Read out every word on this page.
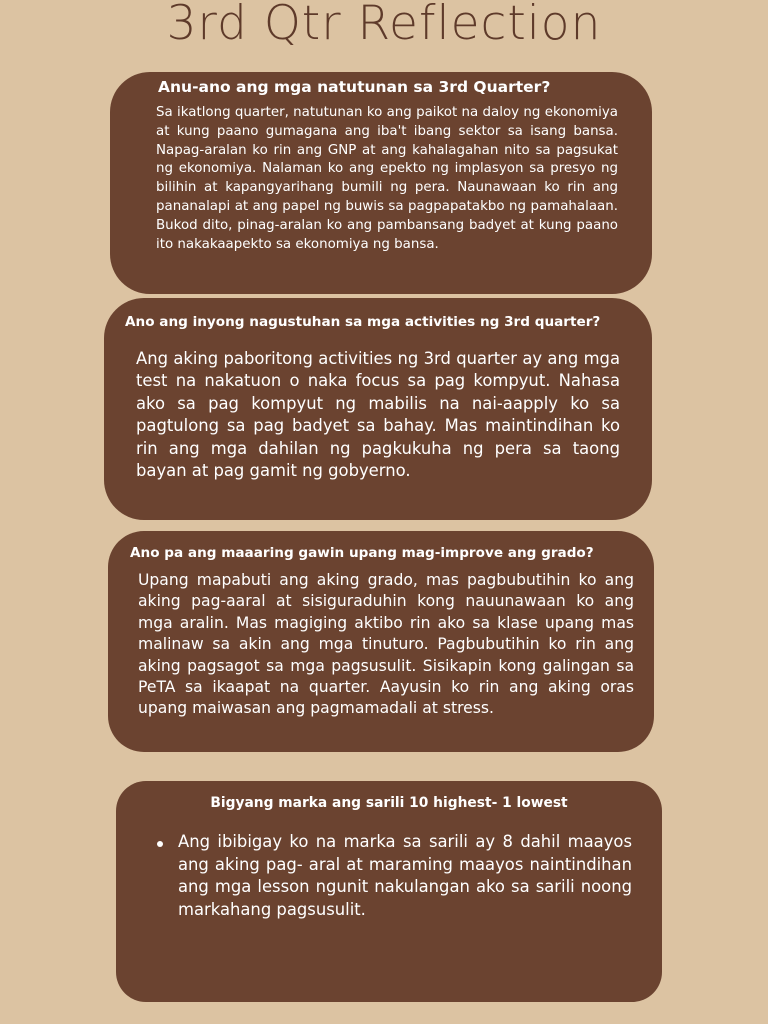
3rd Qtr Reflection
Anu-ano ang mga natutunan sa 3rd Quarter?

Sa ikatlong quarter, natutunan ko ang paikot na daloy ng ekonomiya at kung paano gumagana ang iba't ibang sektor sa isang bansa. Napag-aralan ko rin ang GNP at ang kahalagahan nito sa pagsukat ng ekonomiya. Nalaman ko ang epekto ng implasyon sa presyo ng bilihin at kapangyarihang bumili ng pera. Naunawaan ko rin ang pananalapi at ang papel ng buwis sa pagpapatakbo ng pamahalaan. Bukod dito, pinag-aralan ko ang pambansang badyet at kung paano ito nakakaapekto sa ekonomiya ng bansa.

Ano ang inyong nagustuhan sa mga activities ng 3rd quarter?

Ang aking paboritong activities ng 3rd quarter ay ang mga test na nakatuon o naka focus sa pag kompyut. Nahasa ako sa pag kompyut ng mabilis na nai-aapply ko sa pagtulong sa pag badyet sa bahay. Mas maintindihan ko rin ang mga dahilan ng pagkukuha ng pera sa taong bayan at pag gamit ng gobyerno.

Ano pa ang maaaring gawin upang mag-improve ang grado?

Upang mapabuti ang aking grado, mas pagbubutihin ko ang aking pag-aaral at sisiguraduhin kong nauunawaan ko ang mga aralin. Mas magiging aktibo rin ako sa klase upang mas malinaw sa akin ang mga tinuturo. Pagbubutihin ko rin ang aking pagsagot sa mga pagsusulit. Sisikapin kong galingan sa PeTA sa ikaapat na quarter. Aayusin ko rin ang aking oras upang maiwasan ang pagmamadali at stress.

Bigyang marka ang sarili 10 highest- 1 lowest

Ang ibibigay ko na marka sa sarili ay 8 dahil maayos ang aking pag- aral at maraming maayos naintindihan ang mga lesson ngunit nakulangan ako sa sarili noong markahang pagsusulit.
